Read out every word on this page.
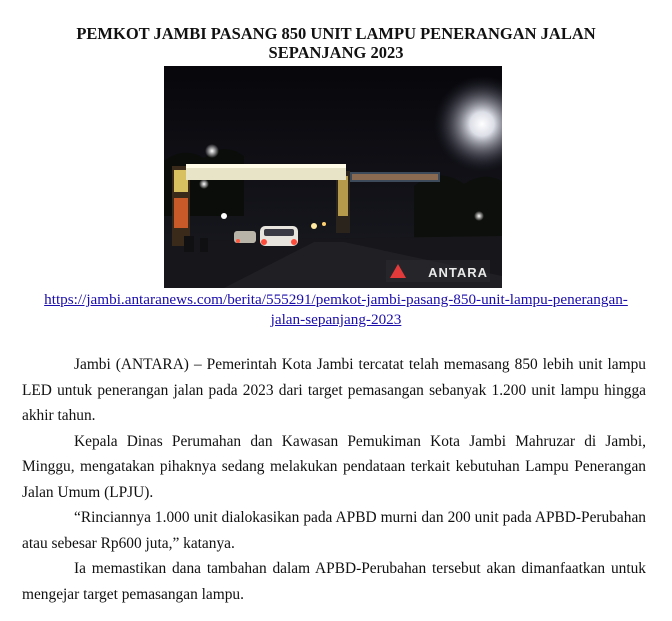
PEMKOT JAMBI PASANG 850 UNIT LAMPU PENERANGAN JALAN SEPANJANG 2023
ANTARA
https://jambi.antaranews.com/berita/555291/pemkot-jambi-pasang-850-unit-lampu-penerangan-jalan-sepanjang-2023

Jambi (ANTARA) – Pemerintah Kota Jambi tercatat telah memasang 850 lebih unit lampu LED untuk penerangan jalan pada 2023 dari target pemasangan sebanyak 1.200 unit lampu hingga akhir tahun.

Kepala Dinas Perumahan dan Kawasan Pemukiman Kota Jambi Mahruzar di Jambi, Minggu, mengatakan pihaknya sedang melakukan pendataan terkait kebutuhan Lampu Penerangan Jalan Umum (LPJU).

“Rinciannya 1.000 unit dialokasikan pada APBD murni dan 200 unit pada APBD-Perubahan atau sebesar Rp600 juta,” katanya.

Ia memastikan dana tambahan dalam APBD-Perubahan tersebut akan dimanfaatkan untuk mengejar target pemasangan lampu.
